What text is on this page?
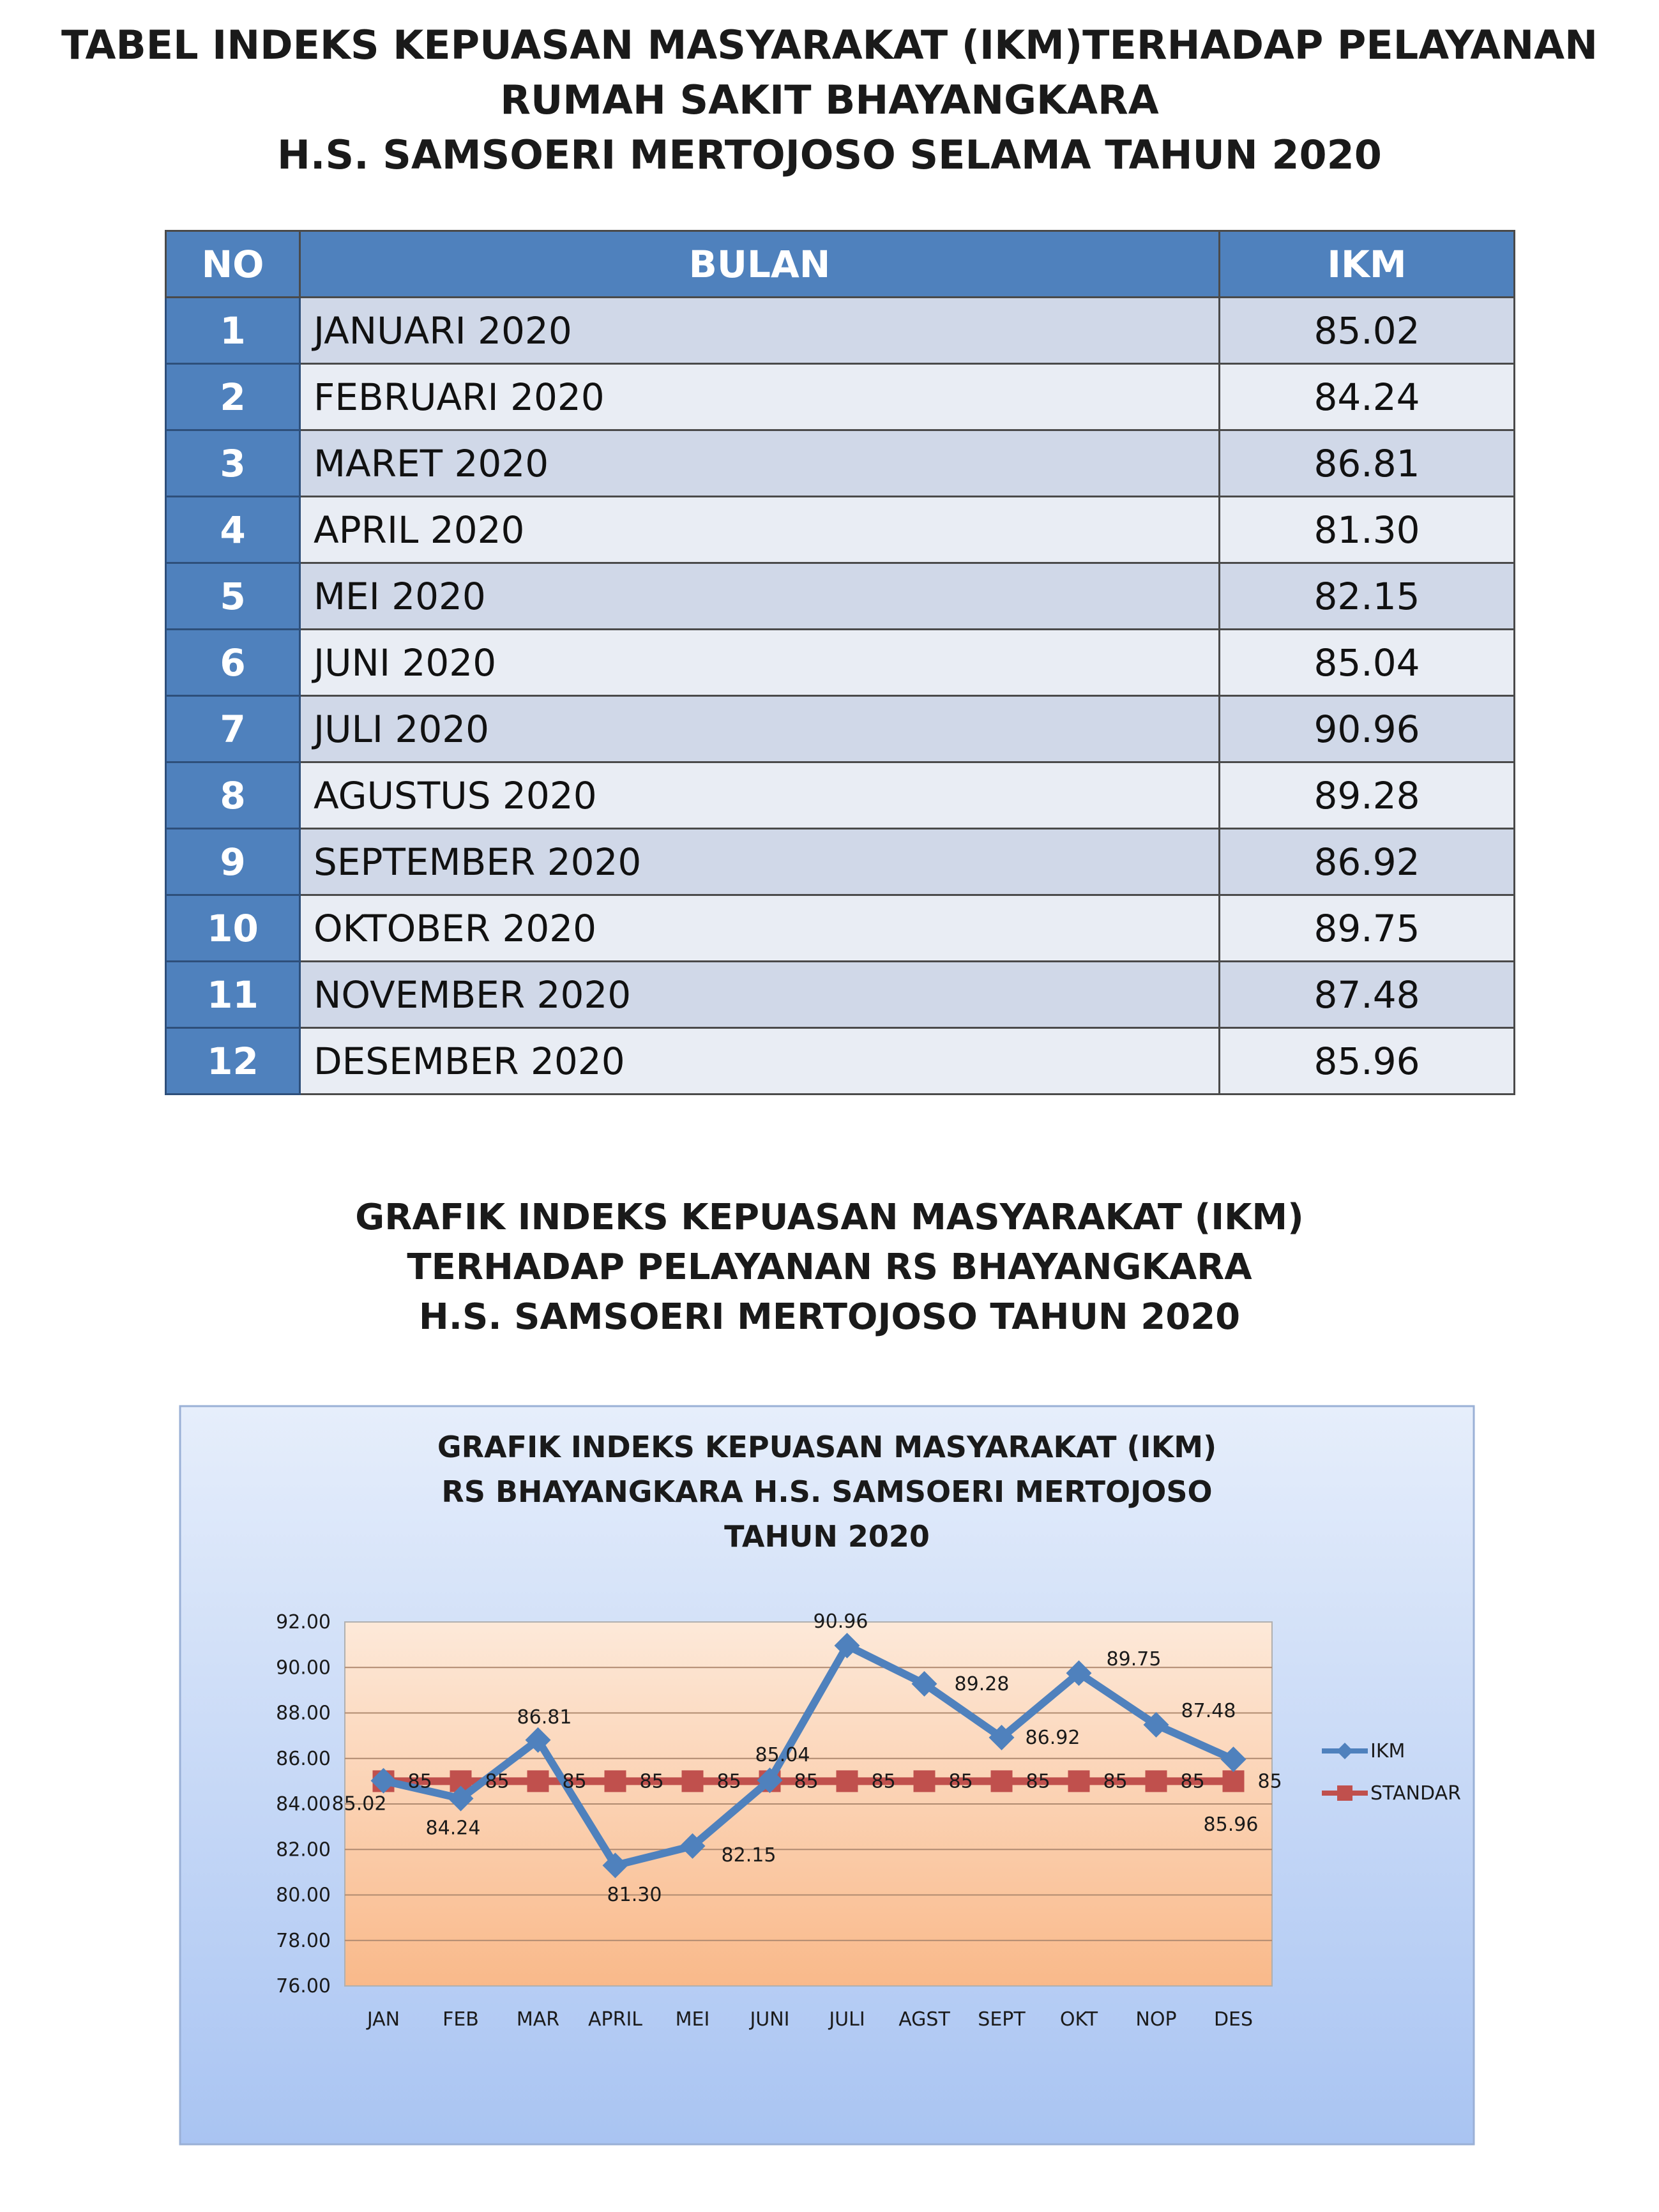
TABEL INDEKS KEPUASAN MASYARAKAT (IKM)TERHADAP PELAYANAN
RUMAH SAKIT BHAYANGKARA
H.S. SAMSOERI MERTOJOSO SELAMA TAHUN 2020
NO	BULAN	IKM
1	JANUARI 2020	85.02
2	FEBRUARI 2020	84.24
3	MARET 2020	86.81
4	APRIL 2020	81.30
5	MEI 2020	82.15
6	JUNI 2020	85.04
7	JULI 2020	90.96
8	AGUSTUS 2020	89.28
9	SEPTEMBER 2020	86.92
10	OKTOBER 2020	89.75
11	NOVEMBER 2020	87.48
12	DESEMBER 2020	85.96
GRAFIK INDEKS KEPUASAN MASYARAKAT (IKM)
TERHADAP PELAYANAN RS BHAYANGKARA
H.S. SAMSOERI MERTOJOSO TAHUN 2020
GRAFIK INDEKS KEPUASAN MASYARAKAT (IKM)
RS BHAYANGKARA H.S. SAMSOERI MERTOJOSO
TAHUN 2020
76.00
78.00
80.00
82.00
84.00
86.00
88.00
90.00
92.00
JAN FEB MAR APRIL MEI JUNI JULI AGST SEPT OKT NOP DES
85	85	85	85	85	85	85	85	85	85	85	85
85.02
84.24
86.81
81.30
82.15
85.04
90.96
89.28
86.92
89.75
87.48
85.96
IKM
STANDAR
